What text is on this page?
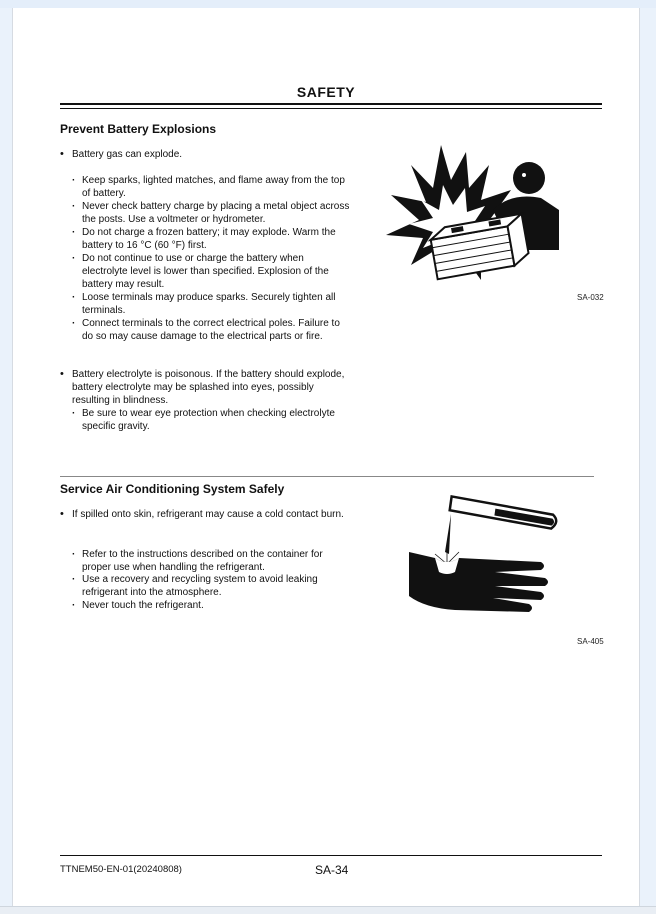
SAFETY
Prevent Battery Explosions

• Battery gas can explode.

· Keep sparks, lighted matches, and flame away from the top of battery.

· Never check battery charge by placing a metal object across the posts. Use a voltmeter or hydrometer.

· Do not charge a frozen battery; it may explode. Warm the battery to 16 °C (60 °F) first.

· Do not continue to use or charge the battery when electrolyte level is lower than specified. Explosion of the battery may result.

· Loose terminals may produce sparks. Securely tighten all terminals.

· Connect terminals to the correct electrical poles. Failure to do so may cause damage to the electrical parts or fire.

• Battery electrolyte is poisonous. If the battery should explode, battery electrolyte may be splashed into eyes, possibly resulting in blindness.

· Be sure to wear eye protection when checking electrolyte specific gravity.

SA-032
Service Air Conditioning System Safely

• If spilled onto skin, refrigerant may cause a cold contact burn.

· Refer to the instructions described on the container for proper use when handling the refrigerant.

· Use a recovery and recycling system to avoid leaking refrigerant into the atmosphere.

· Never touch the refrigerant.

SA-405
TTNEM50-EN-01(20240808)	SA-34
